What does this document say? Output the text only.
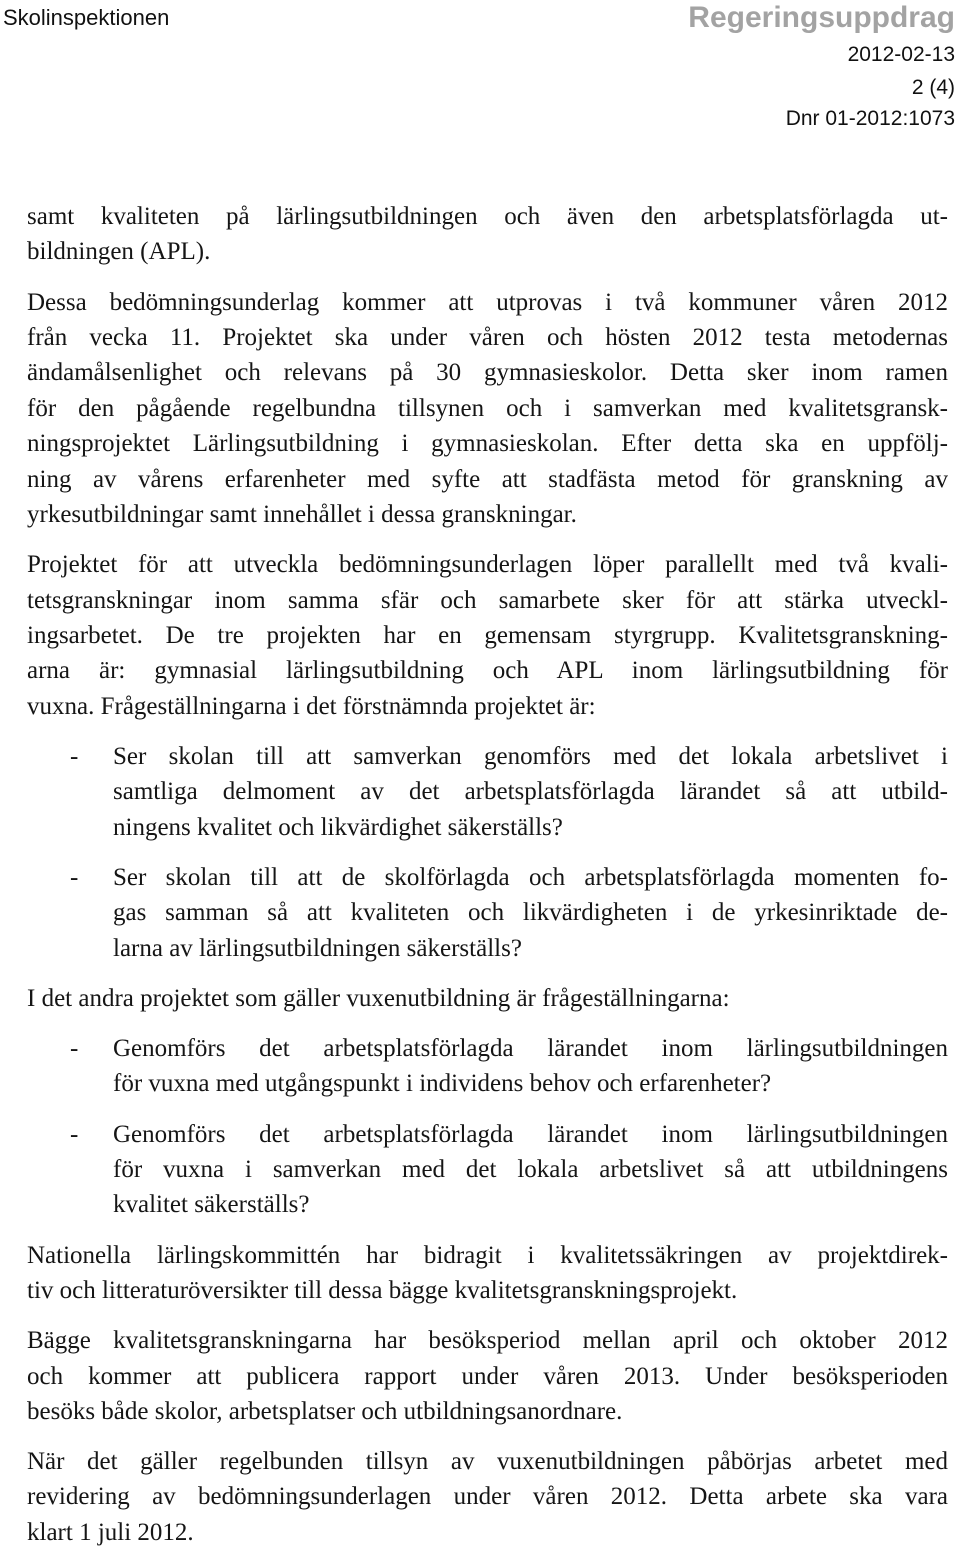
Skolinspektionen	Regeringsuppdrag
2012-02-13
2 (4)
Dnr 01-2012:1073
samt kvaliteten på lärlingsutbildningen och även den arbetsplatsförlagda ut-
bildningen (APL).
Dessa bedömningsunderlag kommer att utprovas i två kommuner våren 2012
från vecka 11. Projektet ska under våren och hösten 2012 testa metodernas
ändamålsenlighet och relevans på 30 gymnasieskolor. Detta sker inom ramen
för den pågående regelbundna tillsynen och i samverkan med kvalitetsgransk-
ningsprojektet Lärlingsutbildning i gymnasieskolan. Efter detta ska en uppfölj-
ning av vårens erfarenheter med syfte att stadfästa metod för granskning av
yrkesutbildningar samt innehållet i dessa granskningar.
Projektet för att utveckla bedömningsunderlagen löper parallellt med två kvali-
tetsgranskningar inom samma sfär och samarbete sker för att stärka utveckl-
ingsarbetet. De tre projekten har en gemensam styrgrupp. Kvalitetsgranskning-
arna är: gymnasial lärlingsutbildning och APL inom lärlingsutbildning för
vuxna. Frågeställningarna i det förstnämnda projektet är:
- Ser skolan till att samverkan genomförs med det lokala arbetslivet i
samtliga delmoment av det arbetsplatsförlagda lärandet så att utbild-
ningens kvalitet och likvärdighet säkerställs?
- Ser skolan till att de skolförlagda och arbetsplatsförlagda momenten fo-
gas samman så att kvaliteten och likvärdigheten i de yrkesinriktade de-
larna av lärlingsutbildningen säkerställs?
I det andra projektet som gäller vuxenutbildning är frågeställningarna:
- Genomförs det arbetsplatsförlagda lärandet inom lärlingsutbildningen
för vuxna med utgångspunkt i individens behov och erfarenheter?
- Genomförs det arbetsplatsförlagda lärandet inom lärlingsutbildningen
för vuxna i samverkan med det lokala arbetslivet så att utbildningens
kvalitet säkerställs?
Nationella lärlingskommittén har bidragit i kvalitetssäkringen av projektdirek-
tiv och litteraturöversikter till dessa bägge kvalitetsgranskningsprojekt.
Bägge kvalitetsgranskningarna har besöksperiod mellan april och oktober 2012
och kommer att publicera rapport under våren 2013. Under besöksperioden
besöks både skolor, arbetsplatser och utbildningsanordnare.
När det gäller regelbunden tillsyn av vuxenutbildningen påbörjas arbetet med
revidering av bedömningsunderlagen under våren 2012. Detta arbete ska vara
klart 1 juli 2012.
